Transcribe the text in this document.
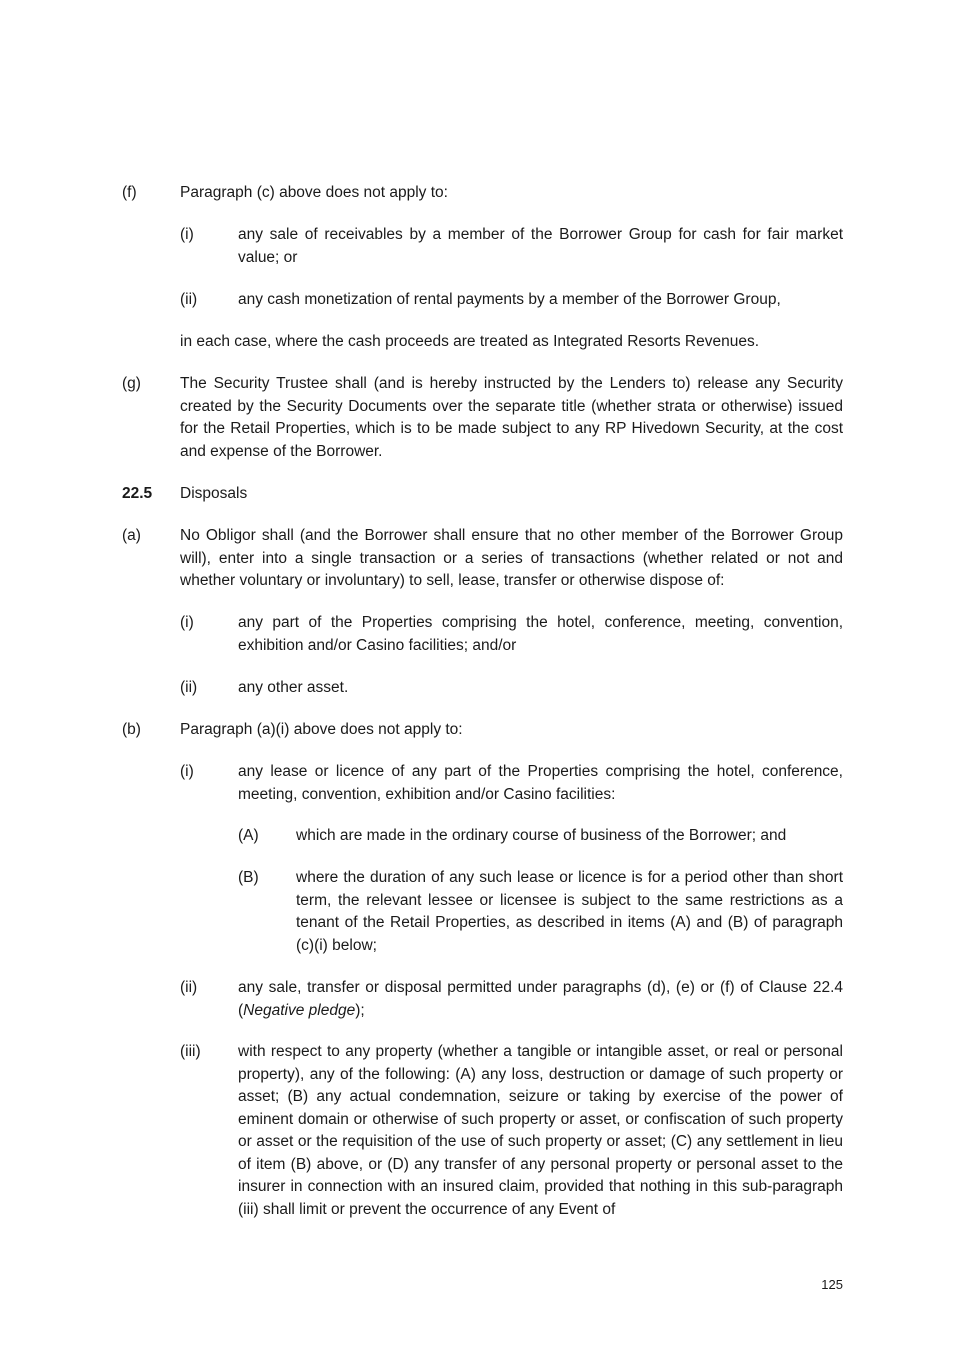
(f)	Paragraph (c) above does not apply to:
(i)	any sale of receivables by a member of the Borrower Group for cash for fair market value; or
(ii)	any cash monetization of rental payments by a member of the Borrower Group,
in each case, where the cash proceeds are treated as Integrated Resorts Revenues.
(g)	The Security Trustee shall (and is hereby instructed by the Lenders to) release any Security created by the Security Documents over the separate title (whether strata or otherwise) issued for the Retail Properties, which is to be made subject to any RP Hivedown Security, at the cost and expense of the Borrower.
22.5 Disposals
(a)	No Obligor shall (and the Borrower shall ensure that no other member of the Borrower Group will), enter into a single transaction or a series of transactions (whether related or not and whether voluntary or involuntary) to sell, lease, transfer or otherwise dispose of:
(i)	any part of the Properties comprising the hotel, conference, meeting, convention, exhibition and/or Casino facilities; and/or
(ii)	any other asset.
(b)	Paragraph (a)(i) above does not apply to:
(i)	any lease or licence of any part of the Properties comprising the hotel, conference, meeting, convention, exhibition and/or Casino facilities:
(A) which are made in the ordinary course of business of the Borrower; and
(B) where the duration of any such lease or licence is for a period other than short term, the relevant lessee or licensee is subject to the same restrictions as a tenant of the Retail Properties, as described in items (A) and (B) of paragraph (c)(i) below;
(ii)	any sale, transfer or disposal permitted under paragraphs (d), (e) or (f) of Clause 22.4 (Negative pledge);
(iii) with respect to any property (whether a tangible or intangible asset, or real or personal property), any of the following: (A) any loss, destruction or damage of such property or asset; (B) any actual condemnation, seizure or taking by exercise of the power of eminent domain or otherwise of such property or asset, or confiscation of such property or asset or the requisition of the use of such property or asset; (C) any settlement in lieu of item (B) above, or (D) any transfer of any personal property or personal asset to the insurer in connection with an insured claim, provided that nothing in this sub-paragraph (iii) shall limit or prevent the occurrence of any Event of
125
